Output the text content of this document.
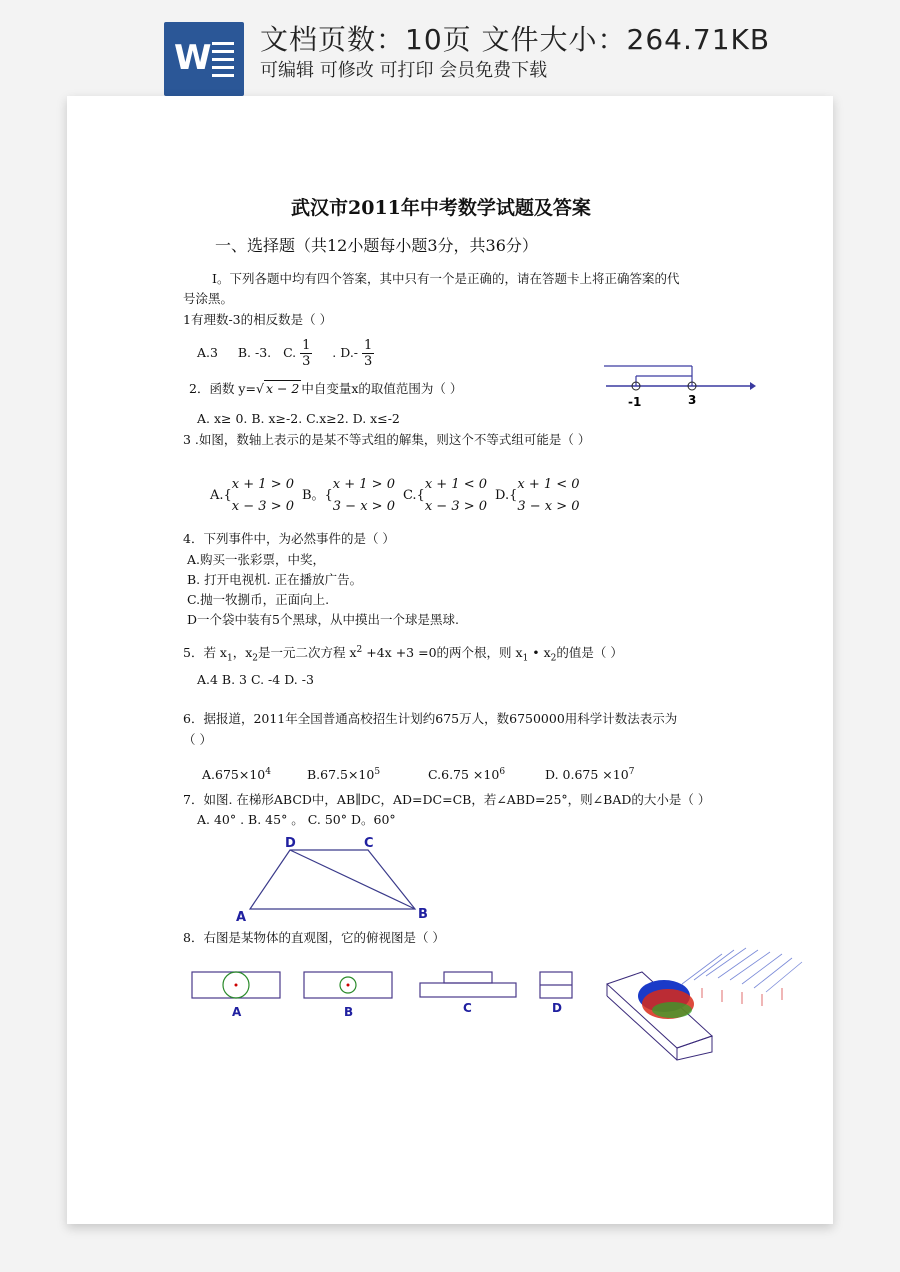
W 文档页数：10页 文件大小：264.71KB
可编辑 可修改 可打印 会员免费下载
武汉市2011年中考数学试题及答案
一、选择题（共12小题每小题3分，共36分）
I。下列各题中均有四个答案，其中只有一个是正确的，请在答题卡上将正确答案的代
号涂黑。
1有理数-3的相反数是（ ）
A.3 B. -3. C. $\frac{1}{3}$ . $D.- \frac{1}{3}$
2．函数 y=√ x − 2 中自变量x的取值范围为（ ）
A. x≥ 0. B. x≥-2. C.x≥2. D. x≤-2
-1	3
3 .如图，数轴上表示的是某不等式组的解集，则这个不等式组可能是（ ）
A.{x + 1 > 0
x − 3 > 0  B。{x + 1 > 0
3 − x > 0  C.{x + 1 < 0
x − 3 > 0  D.{x + 1 < 0
3 − x > 0
4．下列事件中，为必然事件的是（ ）
A.购买一张彩票，中奖，
B. 打开电视机. 正在播放广告。
C.抛一牧捌币，正面向上.
D一个袋中装有5个黑球，从中摸出一个球是黑球.
5．若 $x_1$，$x_2$是一元二次方程 $x^2 +4x +3 =0$的两个根，则 $x_1$ • $x_2$的值是（ ）
A.4 B. 3 C. -4 D. -3
6．据报道，2011年全国普通高校招生计划约675万人，数6750000用科学计数法表示为
（ ）
$A.675\times 10^4$	$B.67.5\times 10^5$	$C.6.75 \times 10^6$	D. $0.675 \times 10^7$
7．如图. 在梯形ABCD中，AB∥DC，AD=DC=CB，若∠ABD=25°，则∠BAD的大小是（ ）
A. 40° . B. 45° 。 C. 50° D。60°
D	C
A	B
8．右图是某物体的直观图，它的俯视图是（ ）
A	B	C	D
